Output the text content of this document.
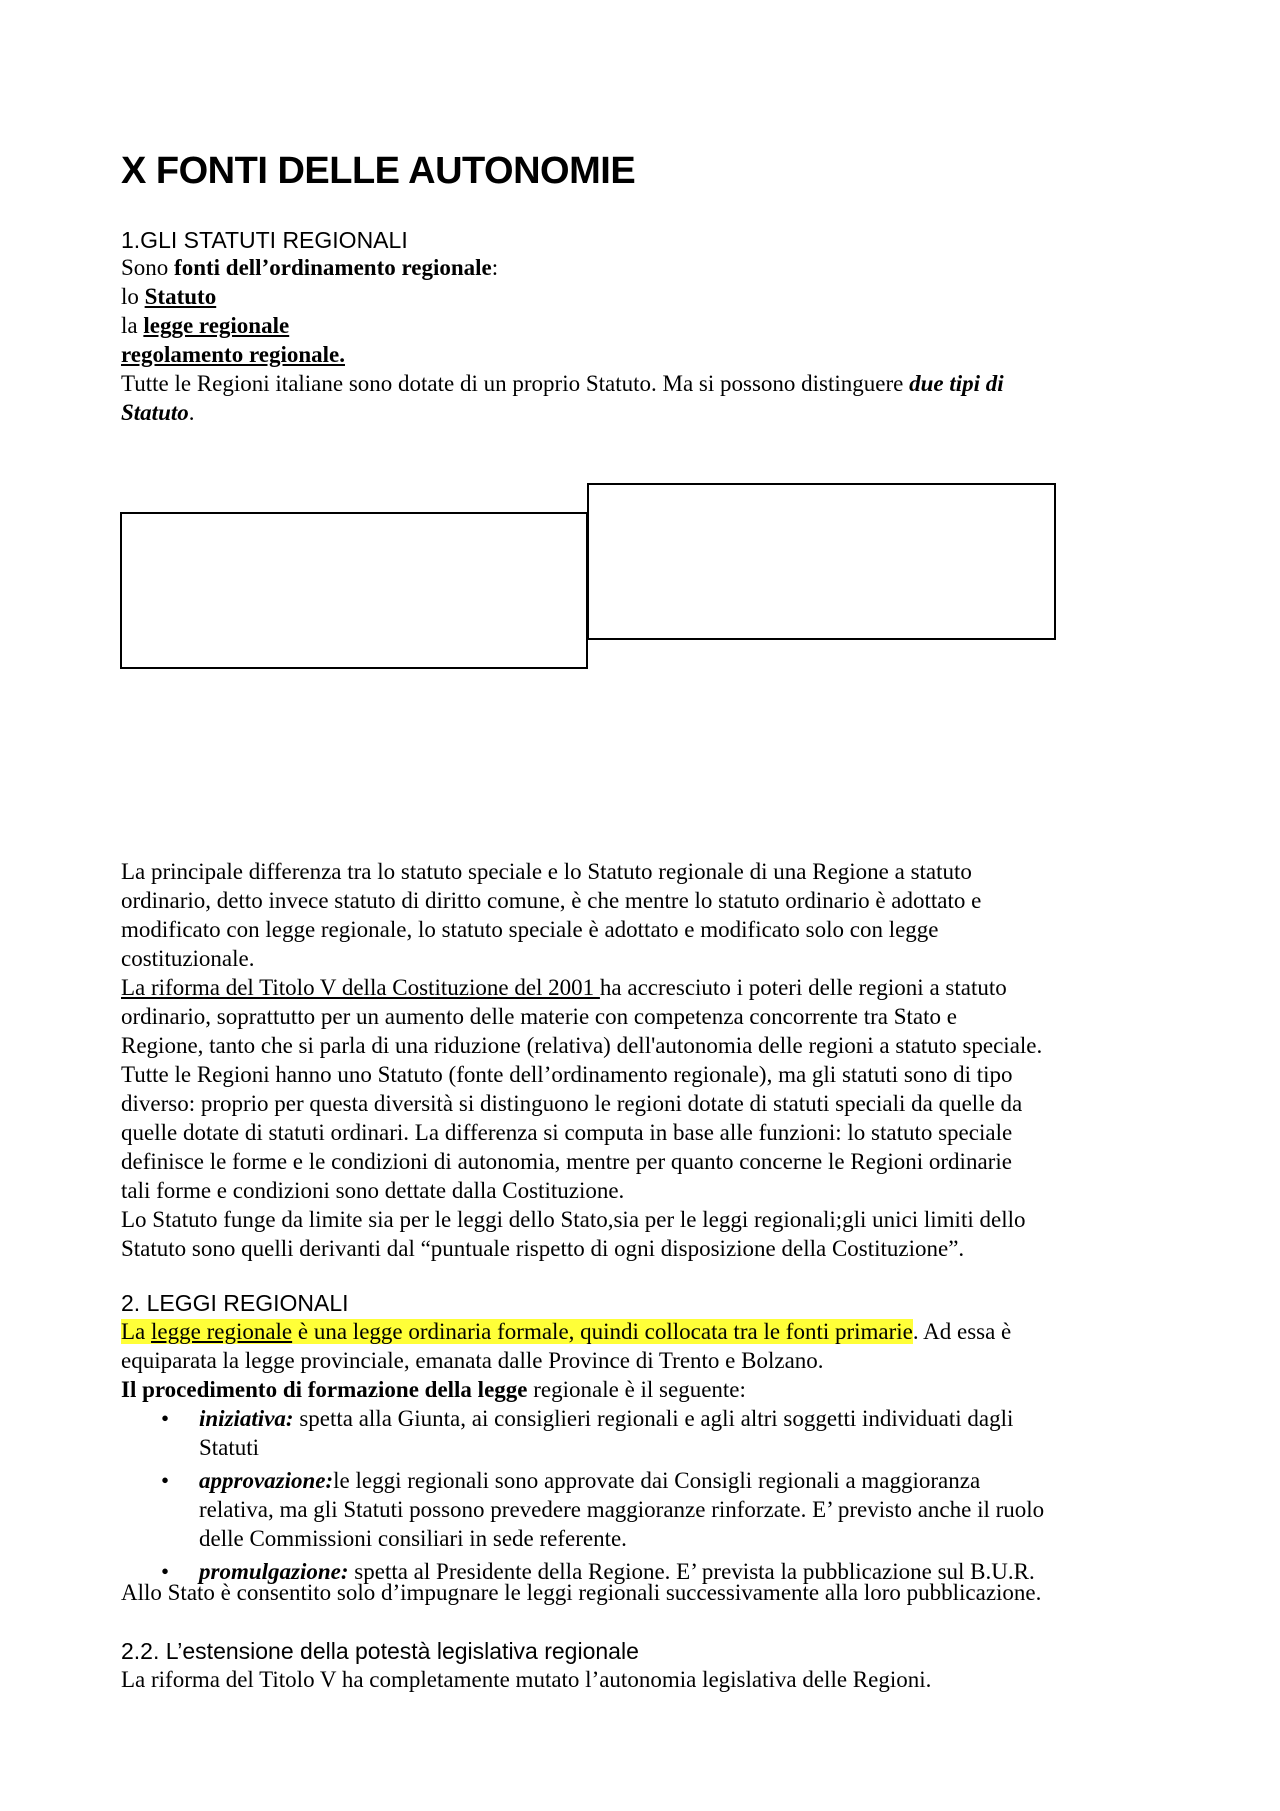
X FONTI DELLE AUTONOMIE
1.GLI STATUTI REGIONALI
Sono fonti dell’ordinamento regionale:
lo Statuto
la legge regionale
regolamento regionale.
Tutte le Regioni italiane sono dotate di un proprio Statuto. Ma si possono distinguere due tipi di
Statuto.
La principale differenza tra lo statuto speciale e lo Statuto regionale di una Regione a statuto
ordinario, detto invece statuto di diritto comune, è che mentre lo statuto ordinario è adottato e
modificato con legge regionale, lo statuto speciale è adottato e modificato solo con legge
costituzionale.
La riforma del Titolo V della Costituzione del 2001 ha accresciuto i poteri delle regioni a statuto
ordinario, soprattutto per un aumento delle materie con competenza concorrente tra Stato e
Regione, tanto che si parla di una riduzione (relativa) dell'autonomia delle regioni a statuto speciale.
Tutte le Regioni hanno uno Statuto (fonte dell’ordinamento regionale), ma gli statuti sono di tipo
diverso: proprio per questa diversità si distinguono le regioni dotate di statuti speciali da quelle da
quelle dotate di statuti ordinari. La differenza si computa in base alle funzioni: lo statuto speciale
definisce le forme e le condizioni di autonomia, mentre per quanto concerne le Regioni ordinarie
tali forme e condizioni sono dettate dalla Costituzione.
Lo Statuto funge da limite sia per le leggi dello Stato,sia per le leggi regionali;gli unici limiti dello
Statuto sono quelli derivanti dal “puntuale rispetto di ogni disposizione della Costituzione”.
2. LEGGI REGIONALI
La legge regionale è una legge ordinaria formale, quindi collocata tra le fonti primarie. Ad essa è
equiparata la legge provinciale, emanata dalle Province di Trento e Bolzano.
Il procedimento di formazione della legge regionale è il seguente:
• iniziativa: spetta alla Giunta, ai consiglieri regionali e agli altri soggetti individuati dagli
Statuti
• approvazione:le leggi regionali sono approvate dai Consigli regionali a maggioranza
relativa, ma gli Statuti possono prevedere maggioranze rinforzate. E’ previsto anche il ruolo
delle Commissioni consiliari in sede referente.
• promulgazione: spetta al Presidente della Regione. E’ prevista la pubblicazione sul B.U.R.
Allo Stato è consentito solo d’impugnare le leggi regionali successivamente alla loro pubblicazione.
2.2. L’estensione della potestà legislativa regionale
La riforma del Titolo V ha completamente mutato l’autonomia legislativa delle Regioni.
